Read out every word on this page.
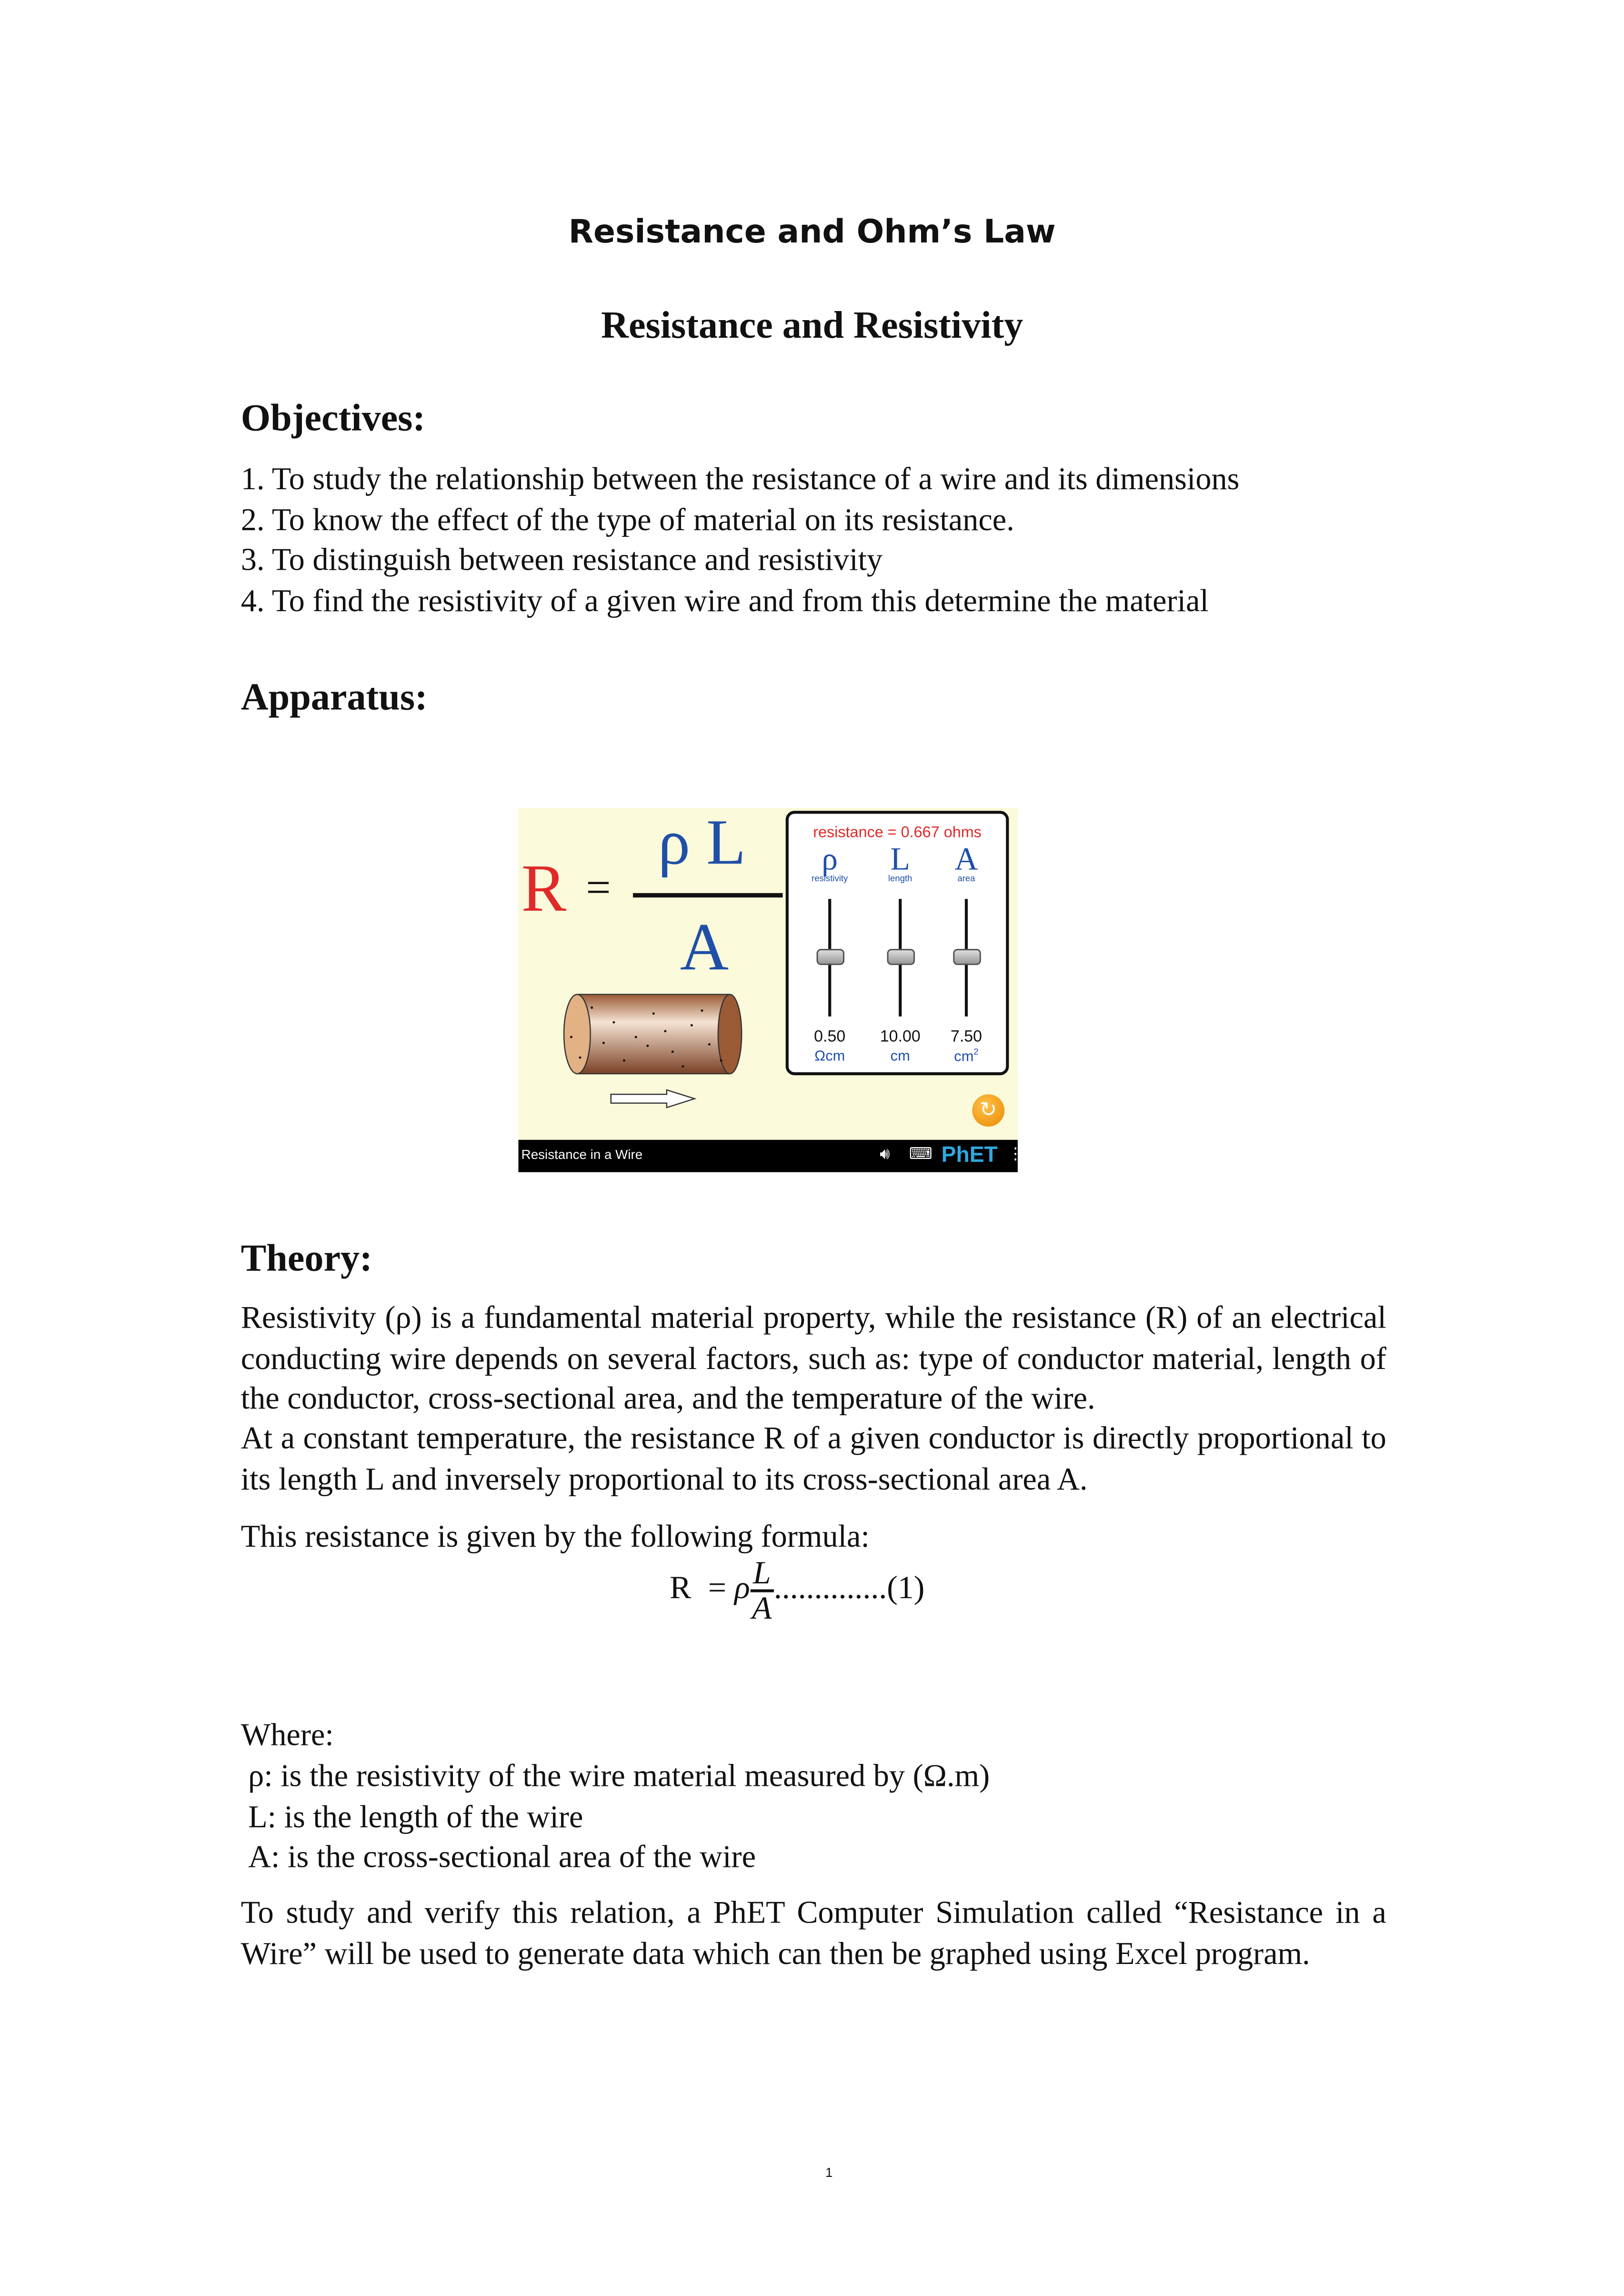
Resistance and Ohm’s Law
Resistance and Resistivity
Objectives:
1. To study the relationship between the resistance of a wire and its dimensions
2. To know the effect of the type of material on its resistance.
3. To distinguish between resistance and resistivity
4. To find the resistivity of a given wire and from this determine the material
Apparatus:
R =
ρ L
A
resistance = 0.667 ohms
ρ
resistivity
0.50
Ωcm
L
length
10.00
cm
A
area
7.50
$cm^2$
↻
Resistance in a Wire	🔊︎	⌨ PhET ⋮
Theory:
Resistivity (ρ) is a fundamental material property, while the resistance (R) of an electrical conducting wire depends on several factors, such as: type of conductor material, length of the conductor, cross-sectional area, and the temperature of the wire.
At a constant temperature, the resistance R of a given conductor is directly proportional to its length L and inversely proportional to its cross-sectional area A.
This resistance is given by the following formula:
R = ρ $\frac{L}{A} ..............(1)$
Where:
ρ: is the resistivity of the wire material measured by (Ω.m)
L: is the length of the wire
A: is the cross-sectional area of the wire
To study and verify this relation, a PhET Computer Simulation called “Resistance in a Wire” will be used to generate data which can then be graphed using Excel program.
1
